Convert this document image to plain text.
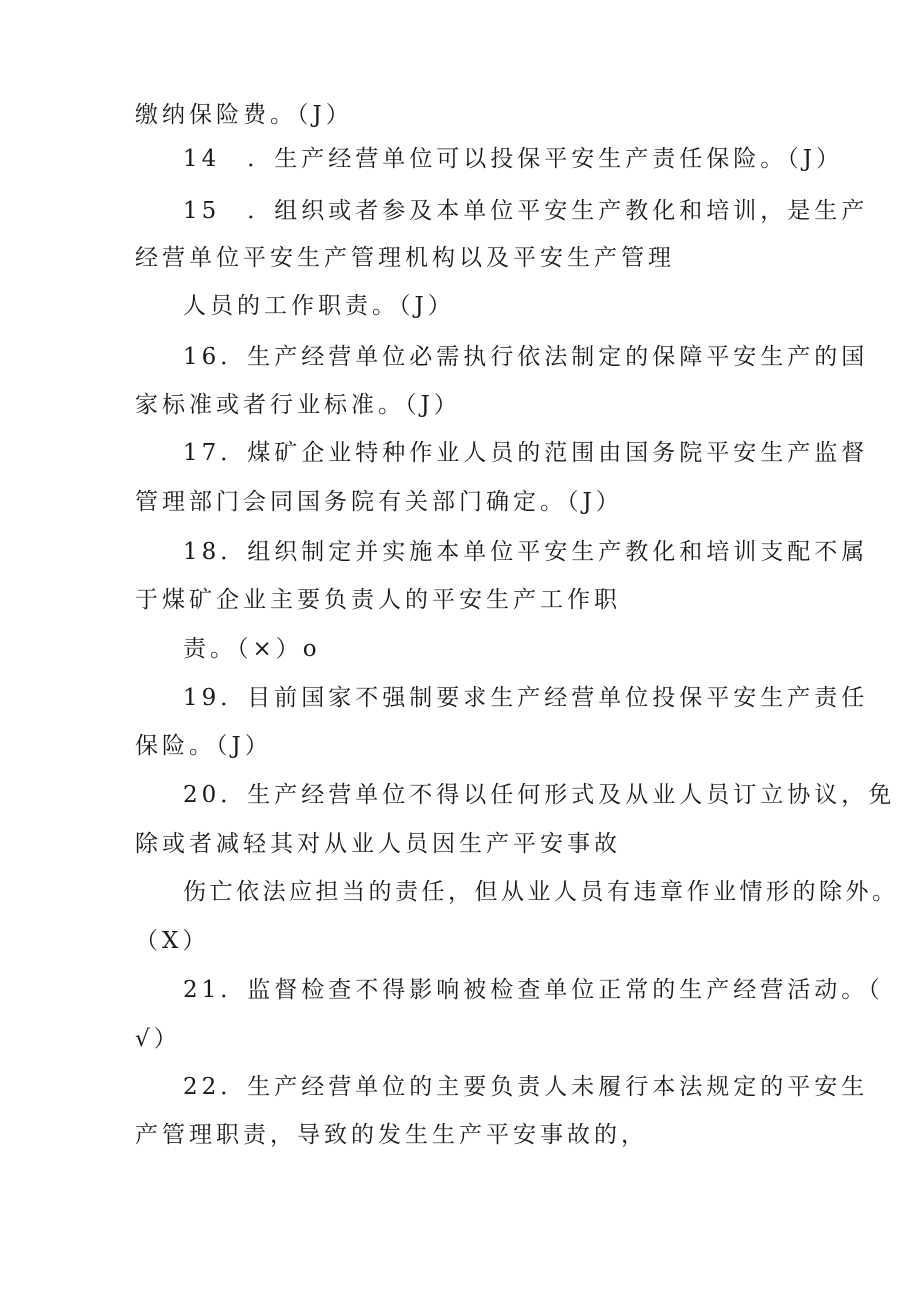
缴纳保险费。（J）
14　．生产经营单位可以投保平安生产责任保险。（J）
15　．组织或者参及本单位平安生产教化和培训，是生产
经营单位平安生产管理机构以及平安生产管理
人员的工作职责。（J）
16．生产经营单位必需执行依法制定的保障平安生产的国
家标准或者行业标准。（J）
17．煤矿企业特种作业人员的范围由国务院平安生产监督
管理部门会同国务院有关部门确定。（J）
18．组织制定并实施本单位平安生产教化和培训支配不属
于煤矿企业主要负责人的平安生产工作职
责。（×）o
19．目前国家不强制要求生产经营单位投保平安生产责任
保险。（J）
20．生产经营单位不得以任何形式及从业人员订立协议，免
除或者减轻其对从业人员因生产平安事故
伤亡依法应担当的责任，但从业人员有违章作业情形的除外。
（X）
21．监督检查不得影响被检查单位正常的生产经营活动。（
√）
22．生产经营单位的主要负责人未履行本法规定的平安生
产管理职责，导致的发生生产平安事故的，
